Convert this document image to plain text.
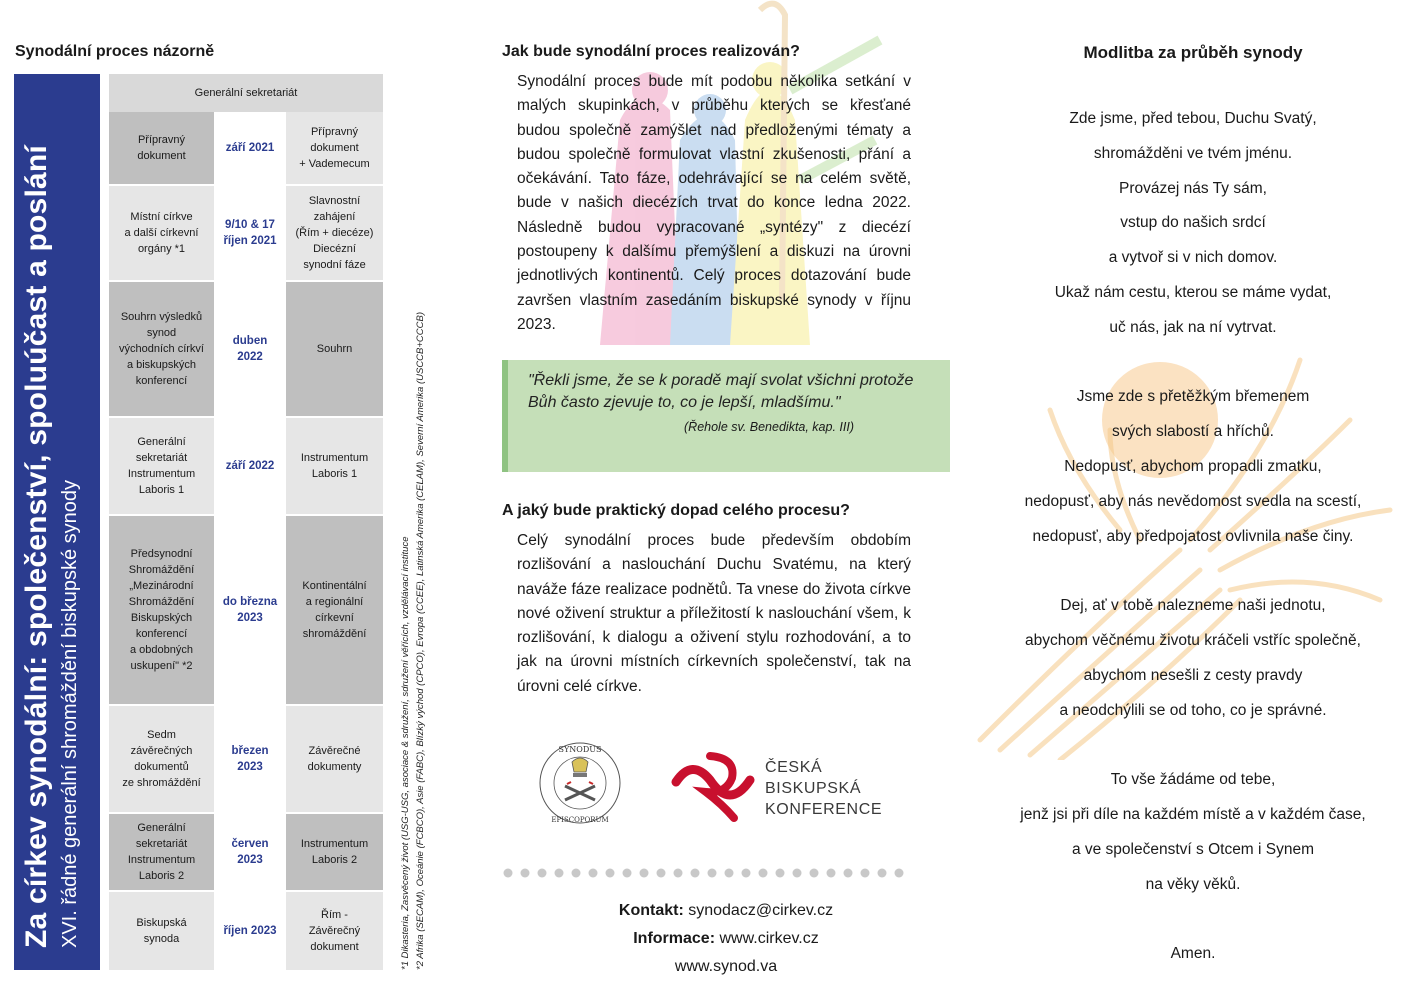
Synodální proces názorně
Za církev synodální: společenství, spoluúčast a poslání XVI. řádné generální shromáždění biskupské synody
Generální sekretariát
Přípravný
dokument
září 2021
Přípravný
dokument
+ Vademecum
Místní církve
a další církevní
orgány *1
9/10 & 17
říjen 2021
Slavnostní zahájení
(Řím + diecéze)
Diecézní
synodní fáze
Souhrn výsledků
synod
východních církví
a biskupských
konferencí
duben 2022
Souhrn
Generální
sekretariát
Instrumentum
Laboris 1
září 2022
Instrumentum
Laboris 1
Předsynodní
Shromáždění
„Mezinárodní
Shromáždění
Biskupských
konferencí
a obdobných
uskupení" *2
do března
2023
Kontinentální
a regionální
církevní
shromáždění
Sedm závěrečných
dokumentů
ze shromáždění
březen 2023
Závěrečné
dokumenty
Generální
sekretariát
Instrumentum
Laboris 2
červen 2023
Instrumentum
Laboris 2
Biskupská
synoda
říjen 2023
Řím -
Závěrečný
dokument	*1 Dikasteria, Zasvěcený život (USG-USG, asociace & sdružení, sdružení věřících, vzdělávací instituce *2 Afrika (SECAM), Oceánie (FCBCO), Asie (FABC), Blízký východ (CPCO), Evropa (CCEE), Latinská Amerika (CELAM), Severní Amerika (USCCB+CCCB)
Jak bude synodální proces realizován?
Synodální proces bude mít podobu několika setkání v malých skupinkách, v průběhu kterých se křesťané budou společně zamýšlet nad předloženými tématy a budou společně formulovat vlastní zkušenosti, přání a očekávání. Tato fáze, odehrávající se na celém světě, bude v našich diecézích trvat do konce ledna 2022. Následně budou vypracované „syntézy" z diecézí postoupeny k dalšímu přemýšlení a diskuzi na úrovni jednotlivých kontinentů. Celý proces dotazování bude završen vlastním zasedáním biskupské synody v říjnu 2023.
"Řekli jsme, že se k poradě mají svolat všichni protože Bůh často zjevuje to, co je lepší, mladšímu."
(Řehole sv. Benedikta, kap. III)
A jaký bude praktický dopad celého procesu?
Celý synodální proces bude především obdobím rozlišování a naslouchání Duchu Svatému, na který naváže fáze realizace podnětů. Ta vnese do života církve nové oživení struktur a příležitostí k naslouchání všem, k rozlišování, k dialogu a oživení stylu rozhodování, a to jak na úrovni místních církevních společenství, tak na úrovni celé církve.
SYNODUS
EPISCOPORUM
ČESKÁ
BISKUPSKÁ
KONFERENCE
Kontakt: synodacz@cirkev.cz
Informace: www.cirkev.cz
www.synod.va
Modlitba za průběh synody
Zde jsme, před tebou, Duchu Svatý,
shromážděni ve tvém jménu.
Provázej nás Ty sám,
vstup do našich srdcí
a vytvoř si v nich domov.
Ukaž nám cestu, kterou se máme vydat,
uč nás, jak na ní vytrvat.
Jsme zde s přetěžkým břemenem
svých slabostí a hříchů.
Nedopusť, abychom propadli zmatku,
nedopusť, aby nás nevědomost svedla na scestí,
nedopusť, aby předpojatost ovlivnila naše činy.
Dej, ať v tobě nalezneme naši jednotu,
abychom věčnému životu kráčeli vstříc společně,
abychom nesešli z cesty pravdy
a neodchýlili se od toho, co je správné.
To vše žádáme od tebe,
jenž jsi při díle na každém místě a v každém čase,
a ve společenství s Otcem i Synem
na věky věků.
Amen.
